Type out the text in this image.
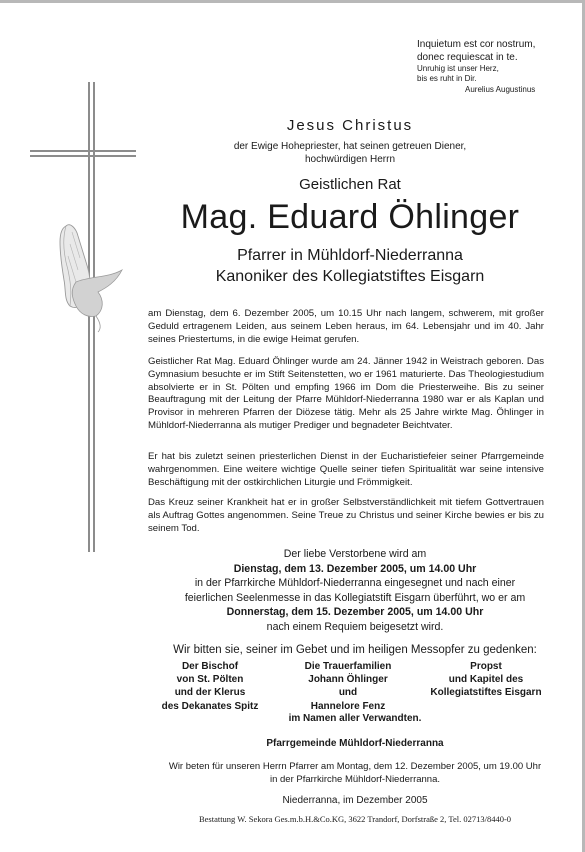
Inquietum est cor nostrum,
donec requiescat in te.
Unruhig ist unser Herz,
bis es ruht in Dir.
Aurelius Augustinus
Jesus Christus
der Ewige Hohepriester, hat seinen getreuen Diener,
hochwürdigen Herrn
Geistlichen Rat
Mag. Eduard Öhlinger
Pfarrer in Mühldorf-Niederranna
Kanoniker des Kollegiatstiftes Eisgarn

am Dienstag, dem 6. Dezember 2005, um 10.15 Uhr nach langem, schwerem, mit großer Geduld ertragenem Leiden, aus seinem Leben heraus, im 64. Lebensjahr und im 40. Jahr seines Priestertums, in die ewige Heimat gerufen.

Geistlicher Rat Mag. Eduard Öhlinger wurde am 24. Jänner 1942 in Weistrach geboren. Das Gymnasium besuchte er im Stift Seitenstetten, wo er 1961 maturierte. Das Theologiestudium absolvierte er in St. Pölten und empfing 1966 im Dom die Priesterweihe. Bis zu seiner Beauftragung mit der Leitung der Pfarre Mühldorf-Niederranna 1980 war er als Kaplan und Provisor in mehreren Pfarren der Diözese tätig. Mehr als 25 Jahre wirkte Mag. Öhlinger in Mühldorf-Niederranna als mutiger Prediger und begnadeter Beichtvater.

Er hat bis zuletzt seinen priesterlichen Dienst in der Eucharistiefeier seiner Pfarrgemeinde wahrgenommen. Eine weitere wichtige Quelle seiner tiefen Spiritualität war seine intensive Beschäftigung mit der ostkirchlichen Liturgie und Frömmigkeit.

Das Kreuz seiner Krankheit hat er in großer Selbstverständlichkeit mit tiefem Gottvertrauen als Auftrag Gottes angenommen. Seine Treue zu Christus und seiner Kirche bewies er bis zu seinem Tod.

Der liebe Verstorbene wird am
Dienstag, dem 13. Dezember 2005, um 14.00 Uhr
in der Pfarrkirche Mühldorf-Niederranna eingesegnet und nach einer
feierlichen Seelenmesse in das Kollegiatstift Eisgarn überführt, wo er am
Donnerstag, dem 15. Dezember 2005, um 14.00 Uhr
nach einem Requiem beigesetzt wird.
Wir bitten sie, seiner im Gebet und im heiligen Messopfer zu gedenken:
Der Bischof
von St. Pölten
und der Klerus
des Dekanates Spitz
Die Trauerfamilien
Johann Öhlinger
und
Hannelore Fenz
Propst
und Kapitel des
Kollegiatstiftes Eisgarn
im Namen aller Verwandten.
Pfarrgemeinde Mühldorf-Niederranna
Wir beten für unseren Herrn Pfarrer am Montag, dem 12. Dezember 2005, um 19.00 Uhr
in der Pfarrkirche Mühldorf-Niederranna.
Niederranna, im Dezember 2005
Bestattung W. Sekora Ges.m.b.H.&Co.KG, 3622 Trandorf, Dorfstraße 2, Tel. 02713/8440-0
